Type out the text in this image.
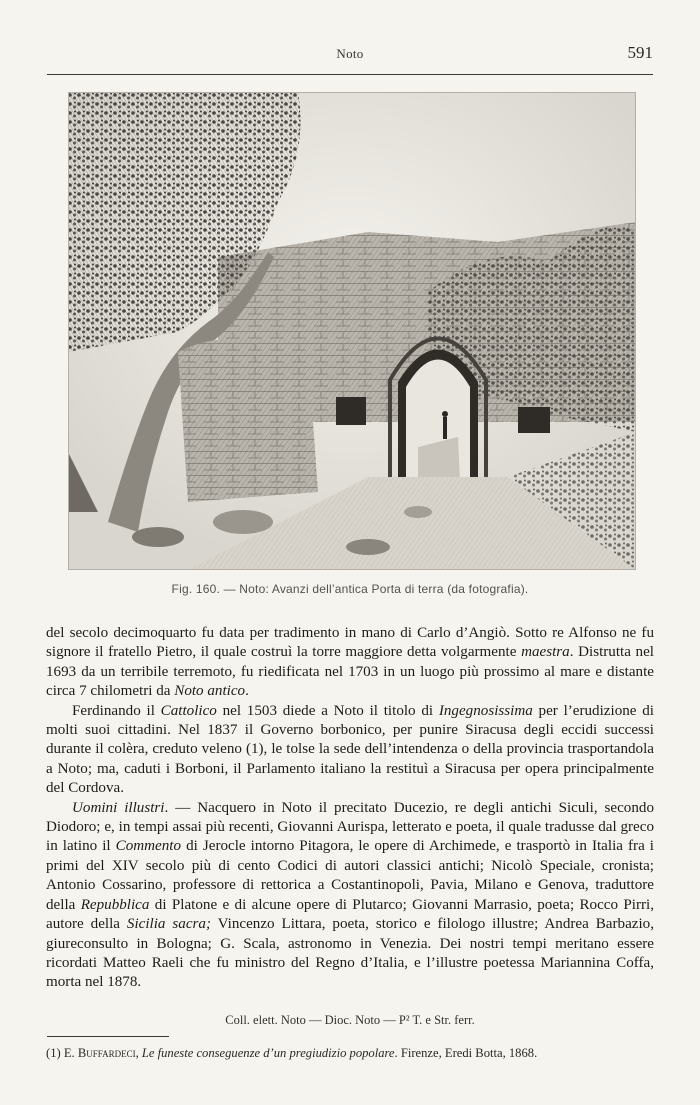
Noto	591
Fig. 160. — Noto: Avanzi dell’antica Porta di terra (da fotografia).

del secolo decimoquarto fu data per tradimento in mano di Carlo d’Angiò. Sotto re Alfonso ne fu signore il fratello Pietro, il quale costruì la torre maggiore detta volgarmente maestra. Distrutta nel 1693 da un terribile terremoto, fu riedificata nel 1703 in un luogo più prossimo al mare e distante circa 7 chilometri da Noto antico.

Ferdinando il Cattolico nel 1503 diede a Noto il titolo di Ingegnosissima per l’erudizione di molti suoi cittadini. Nel 1837 il Governo borbonico, per punire Siracusa degli eccidi successi durante il colèra, creduto veleno (1), le tolse la sede dell’intendenza o della provincia trasportandola a Noto; ma, caduti i Borboni, il Parlamento italiano la restituì a Siracusa per opera principalmente del Cordova.

Uomini illustri. — Nacquero in Noto il precitato Ducezio, re degli antichi Siculi, secondo Diodoro; e, in tempi assai più recenti, Giovanni Aurispa, letterato e poeta, il quale tradusse dal greco in latino il Commento di Jerocle intorno Pitagora, le opere di Archimede, e trasportò in Italia fra i primi del XIV secolo più di cento Codici di autori classici antichi; Nicolò Speciale, cronista; Antonio Cossarino, professore di rettorica a Costantinopoli, Pavia, Milano e Genova, traduttore della Repubblica di Platone e di alcune opere di Plutarco; Giovanni Marrasio, poeta; Rocco Pirri, autore della Sicilia sacra; Vincenzo Littara, poeta, storico e filologo illustre; Andrea Barbazio, giureconsulto in Bologna; G. Scala, astronomo in Venezia. Dei nostri tempi meritano essere ricordati Matteo Raeli che fu ministro del Regno d’Italia, e l’illustre poetessa Mariannina Coffa, morta nel 1878.

Coll. elett. Noto — Dioc. Noto — P² T. e Str. ferr.
(1) E. Buffardeci, Le funeste conseguenze d’un pregiudizio popolare. Firenze, Eredi Botta, 1868.
